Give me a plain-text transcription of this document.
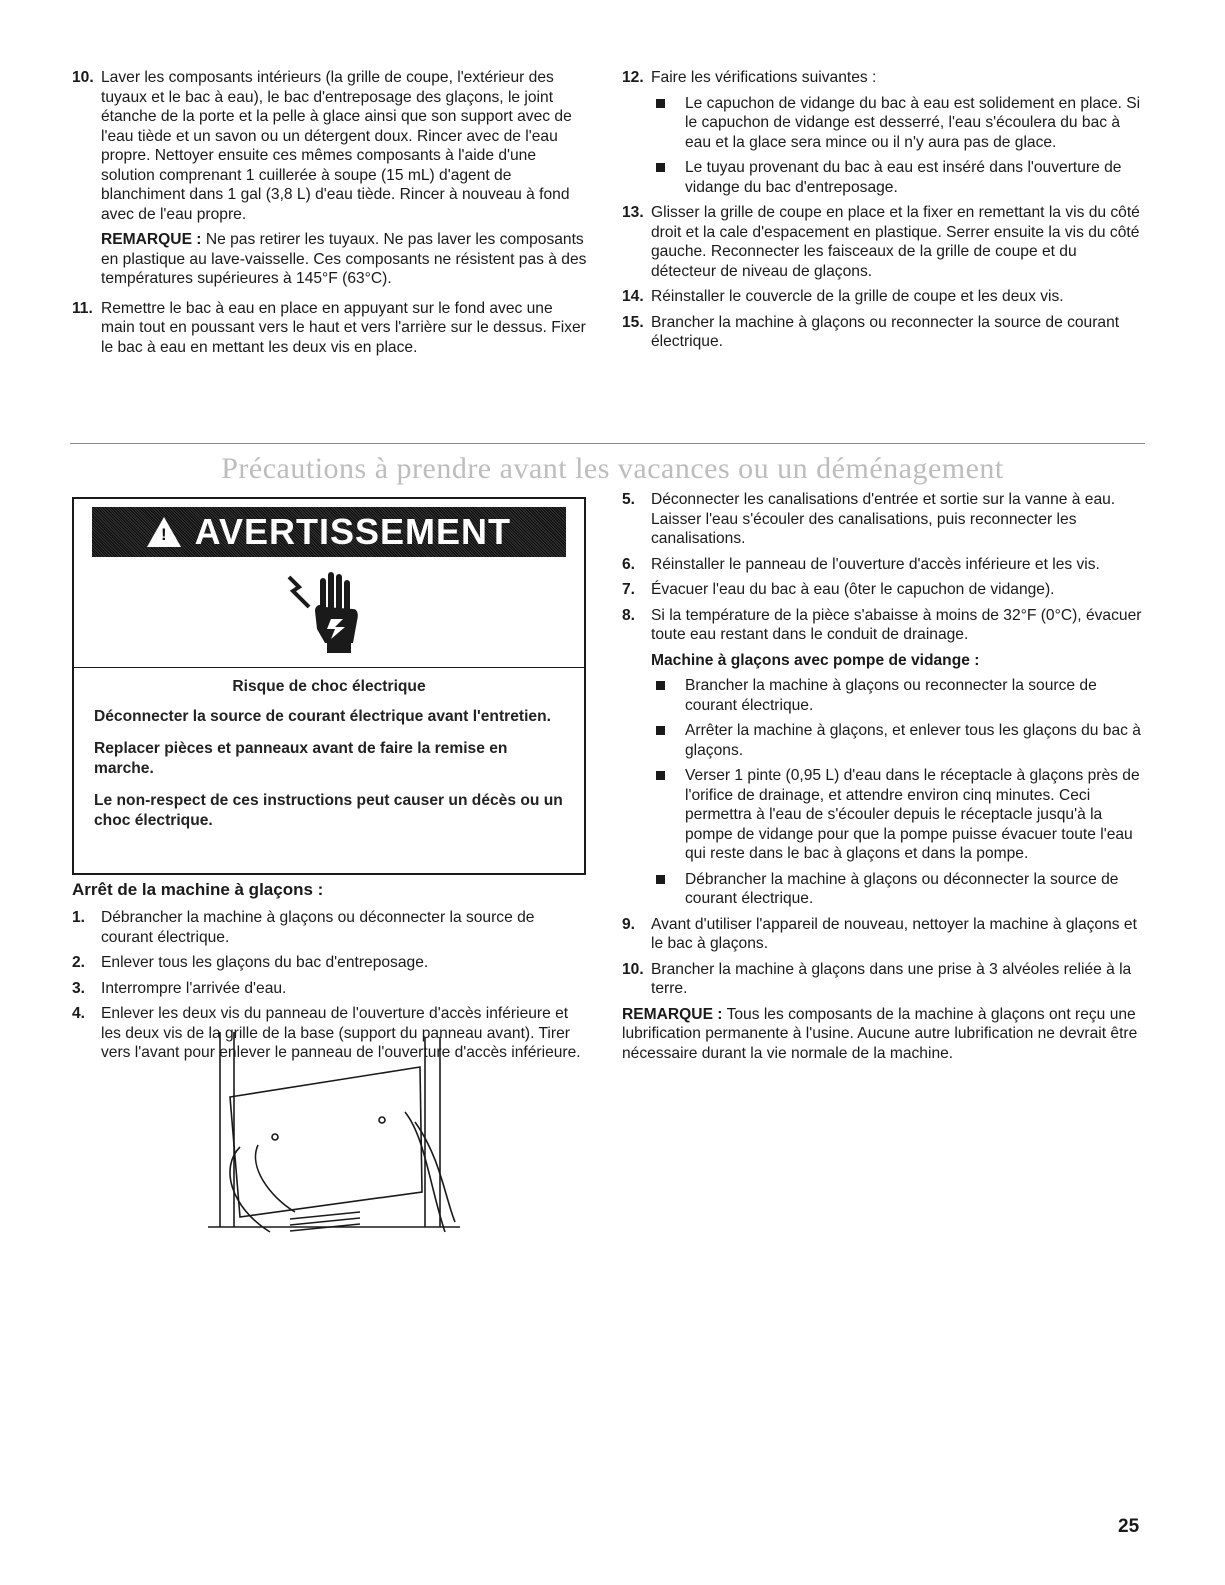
10. Laver les composants intérieurs (la grille de coupe, l'extérieur des tuyaux et le bac à eau), le bac d'entreposage des glaçons, le joint étanche de la porte et la pelle à glace ainsi que son support avec de l'eau tiède et un savon ou un détergent doux. Rincer avec de l'eau propre. Nettoyer ensuite ces mêmes composants à l'aide d'une solution comprenant 1 cuillerée à soupe (15 mL) d'agent de blanchiment dans 1 gal (3,8 L) d'eau tiède. Rincer à nouveau à fond avec de l'eau propre.
REMARQUE : Ne pas retirer les tuyaux. Ne pas laver les composants en plastique au lave-vaisselle. Ces composants ne résistent pas à des températures supérieures à 145°F (63°C).
11. Remettre le bac à eau en place en appuyant sur le fond avec une main tout en poussant vers le haut et vers l'arrière sur le dessus. Fixer le bac à eau en mettant les deux vis en place.
12. Faire les vérifications suivantes :
Le capuchon de vidange du bac à eau est solidement en place. Si le capuchon de vidange est desserré, l'eau s'écoulera du bac à eau et la glace sera mince ou il n'y aura pas de glace.
Le tuyau provenant du bac à eau est inséré dans l'ouverture de vidange du bac d'entreposage.
13. Glisser la grille de coupe en place et la fixer en remettant la vis du côté droit et la cale d'espacement en plastique. Serrer ensuite la vis du côté gauche. Reconnecter les faisceaux de la grille de coupe et du détecteur de niveau de glaçons.
14. Réinstaller le couvercle de la grille de coupe et les deux vis.
15. Brancher la machine à glaçons ou reconnecter la source de courant électrique.
Précautions à prendre avant les vacances ou un déménagement
! AVERTISSEMENT

Risque de choc électrique

Déconnecter la source de courant électrique avant l'entretien.

Replacer pièces et panneaux avant de faire la remise en marche.

Le non-respect de ces instructions peut causer un décès ou un choc électrique.

Arrêt de la machine à glaçons :
1.	Débrancher la machine à glaçons ou déconnecter la source de courant électrique.
2.	Enlever tous les glaçons du bac d'entreposage.
3.	Interrompre l'arrivée d'eau.
4.	Enlever les deux vis du panneau de l'ouverture d'accès inférieure et les deux vis de la grille de la base (support du panneau avant). Tirer vers l'avant pour enlever le panneau de l'ouverture d'accès inférieure.
5.	Déconnecter les canalisations d'entrée et sortie sur la vanne à eau. Laisser l'eau s'écouler des canalisations, puis reconnecter les canalisations.
6.	Réinstaller le panneau de l'ouverture d'accès inférieure et les vis.
7.	Évacuer l'eau du bac à eau (ôter le capuchon de vidange).
8.	Si la température de la pièce s'abaisse à moins de 32°F (0°C), évacuer toute eau restant dans le conduit de drainage.
Machine à glaçons avec pompe de vidange :
Brancher la machine à glaçons ou reconnecter la source de courant électrique.
Arrêter la machine à glaçons, et enlever tous les glaçons du bac à glaçons.
Verser 1 pinte (0,95 L) d'eau dans le réceptacle à glaçons près de l'orifice de drainage, et attendre environ cinq minutes. Ceci permettra à l'eau de s'écouler depuis le réceptacle jusqu'à la pompe de vidange pour que la pompe puisse évacuer toute l'eau qui reste dans le bac à glaçons et dans la pompe.
Débrancher la machine à glaçons ou déconnecter la source de courant électrique.
9.	Avant d'utiliser l'appareil de nouveau, nettoyer la machine à glaçons et le bac à glaçons.
10. Brancher la machine à glaçons dans une prise à 3 alvéoles reliée à la terre.
REMARQUE : Tous les composants de la machine à glaçons ont reçu une lubrification permanente à l'usine. Aucune autre lubrification ne devrait être nécessaire durant la vie normale de la machine.
25
